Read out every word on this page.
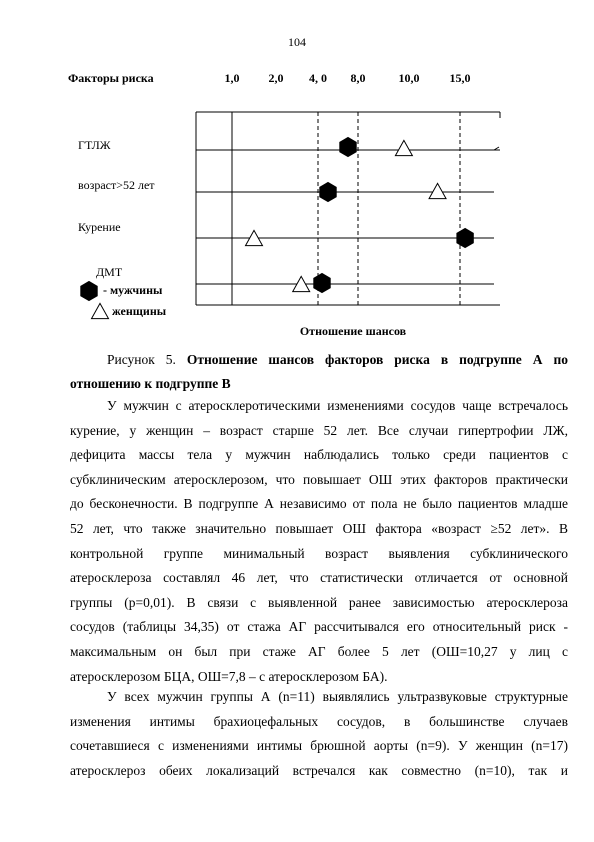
104
Факторы риска	1,0 2,0 4, 0 8,0	10,0	15,0
ГТЛЖ
возраст>52 лет
Курение
ДМТ
- мужчины
женщины
Отношение шансов
Рисунок 5. Отношение шансов факторов риска в подгруппе А по
отношению к подгруппе В
У мужчин с атеросклеротическими изменениями сосудов чаще встречалось
курение, у женщин – возраст старше 52 лет. Все случаи гипертрофии ЛЖ,
дефицита массы тела у мужчин наблюдались только среди пациентов с
субклиническим атеросклерозом, что повышает ОШ этих факторов практически
до бесконечности. В подгруппе А независимо от пола не было пациентов младше
52 лет, что также значительно повышает ОШ фактора «возраст ≥52 лет». В
контрольной группе минимальный возраст выявления субклинического
атеросклероза составлял 46 лет, что статистически отличается от основной
группы (р=0,01). В связи с выявленной ранее зависимостью атеросклероза
сосудов (таблицы 34,35) от стажа АГ рассчитывался его относительный риск -
максимальным он был при стаже АГ более 5 лет (ОШ=10,27 у лиц с
атеросклерозом БЦА, ОШ=7,8 – с атеросклерозом БА).
У всех мужчин группы А (n=11) выявлялись ультразвуковые структурные
изменения интимы брахиоцефальных сосудов, в большинстве случаев
сочетавшиеся с изменениями интимы брюшной аорты (n=9). У женщин (n=17)
атеросклероз обеих локализаций встречался как совместно (n=10), так и
